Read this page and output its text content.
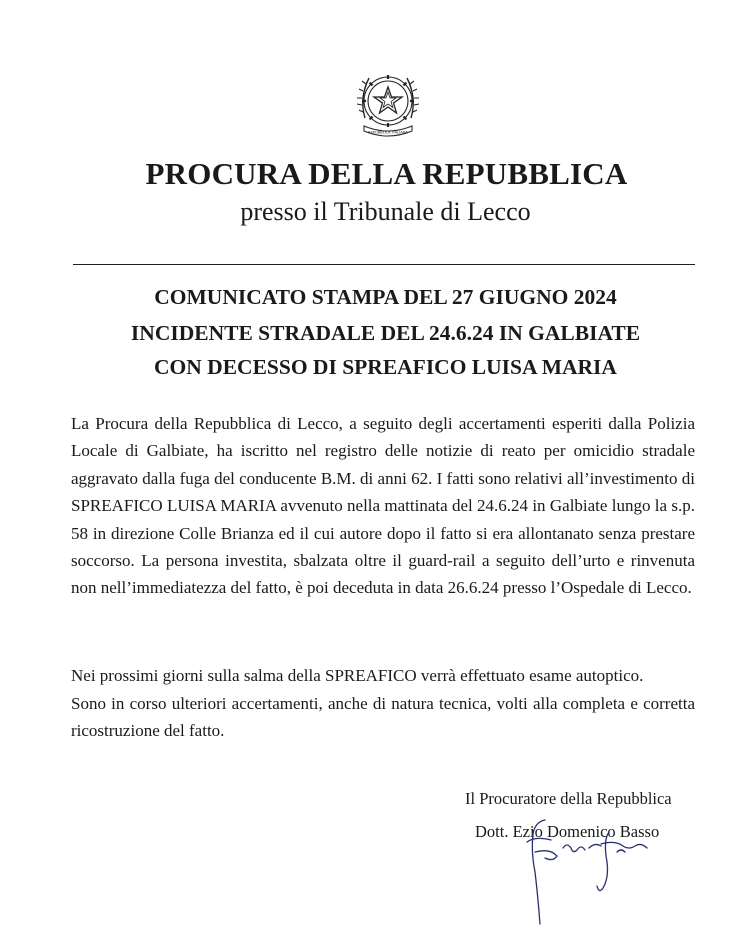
REPUBBLICA ITALIANA
PROCURA DELLA REPUBBLICA
presso il Tribunale di Lecco
COMUNICATO STAMPA DEL 27 GIUGNO 2024
INCIDENTE STRADALE DEL 24.6.24 IN GALBIATE
CON DECESSO DI SPREAFICO LUISA MARIA
La Procura della Repubblica di Lecco, a seguito degli accertamenti esperiti dalla Polizia Locale di Galbiate, ha iscritto nel registro delle notizie di reato per omicidio stradale aggravato dalla fuga del conducente B.M. di anni 62. I fatti sono relativi all’investimento di SPREAFICO LUISA MARIA avvenuto nella mattinata del 24.6.24 in Galbiate lungo la s.p. 58 in direzione Colle Brianza ed il cui autore dopo il fatto si era allontanato senza prestare soccorso. La persona investita, sbalzata oltre il guard-rail a seguito dell’urto e rinvenuta non nell’immediatezza del fatto, è poi deceduta in data 26.6.24 presso l’Ospedale di Lecco.
Nei prossimi giorni sulla salma della SPREAFICO verrà effettuato esame autoptico.
Sono in corso ulteriori accertamenti, anche di natura tecnica, volti alla completa e corretta ricostruzione del fatto.
Il Procuratore della Repubblica
Dott. Ezio Domenico Basso
